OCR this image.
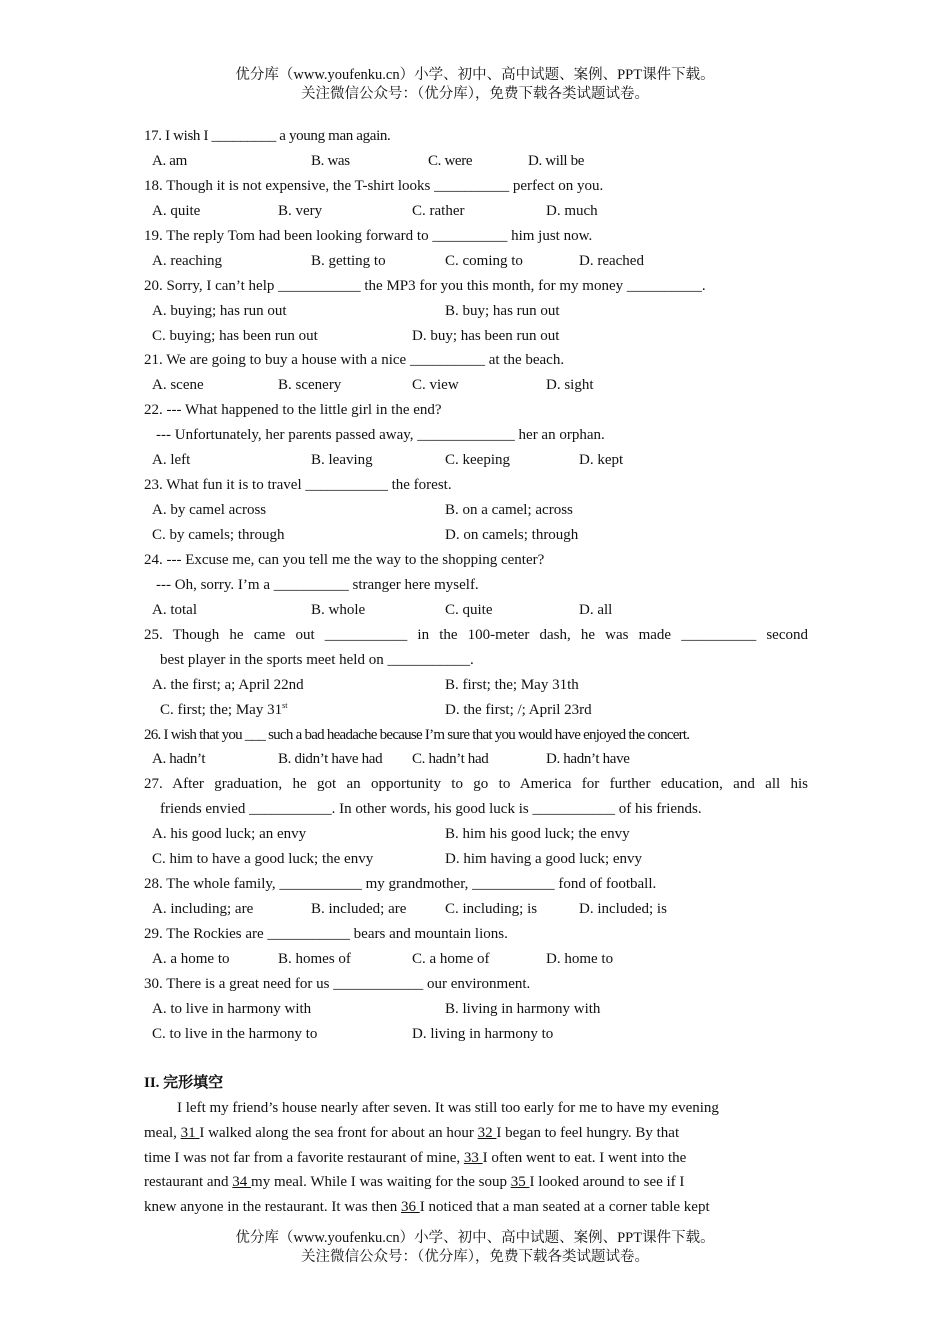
优分库（www.youfenku.cn）小学、初中、高中试题、案例、PPT课件下载。
关注微信公众号：（优分库），免费下载各类试题试卷。
17. I wish I _________ a young man again.
A. am	B. was	C. were	D. will be
18. Though it is not expensive, the T-shirt looks __________ perfect on you.
A. quite	B. very	C. rather	D. much
19. The reply Tom had been looking forward to __________ him just now.
A. reaching	B. getting to	C. coming to	D. reached
20. Sorry, I can’t help ___________ the MP3 for you this month, for my money __________.
A. buying; has run out	B. buy; has run out
C. buying; has been run out	D. buy; has been run out
21. We are going to buy a house with a nice __________ at the beach.
A. scene	B. scenery	C. view	D. sight
22. --- What happened to the little girl in the end?
--- Unfortunately, her parents passed away, _____________ her an orphan.
A. left	B. leaving	C. keeping	D. kept
23. What fun it is to travel ___________ the forest.
A. by camel across	B. on a camel; across
C. by camels; through	D. on camels; through
24. --- Excuse me, can you tell me the way to the shopping center?
--- Oh, sorry. I’m a __________ stranger here myself.
A. total	B. whole	C. quite	D. all
25. Though he came out ___________ in the 100-meter dash, he was made __________ second
best player in the sports meet held on ___________.
A. the first; a; April 22nd	B. first; the; May 31th
C. first; the; May 31st	D. the first; /; April 23rd
26. I wish that you ___ such a bad headache because I’m sure that you would have enjoyed the concert.
A. hadn’t	B. didn’t have had C. hadn’t had	D. hadn’t have
27. After graduation, he got an opportunity to go to America for further education, and all his
friends envied ___________. In other words, his good luck is ___________ of his friends.
A. his good luck; an envy	B. him his good luck; the envy
C. him to have a good luck; the envy	D. him having a good luck; envy
28. The whole family, ___________ my grandmother, ___________ fond of football.
A. including; are	B. included; are	C. including; is	D. included; is
29. The Rockies are ___________ bears and mountain lions.
A. a home to	B. homes of	C. a home of	D. home to
30. There is a great need for us ____________ our environment.
A. to live in harmony with	B. living in harmony with
C. to live in the harmony to	D. living in harmony to
II. 完形填空
I left my friend’s house nearly after seven. It was still too early for me to have my evening
meal, 31 I walked along the sea front for about an hour 32 I began to feel hungry. By that
time I was not far from a favorite restaurant of mine, 33 I often went to eat. I went into the
restaurant and 34 my meal. While I was waiting for the soup 35 I looked around to see if I
knew anyone in the restaurant. It was then 36 I noticed that a man seated at a corner table kept
优分库（www.youfenku.cn）小学、初中、高中试题、案例、PPT课件下载。
关注微信公众号：（优分库），免费下载各类试题试卷。
